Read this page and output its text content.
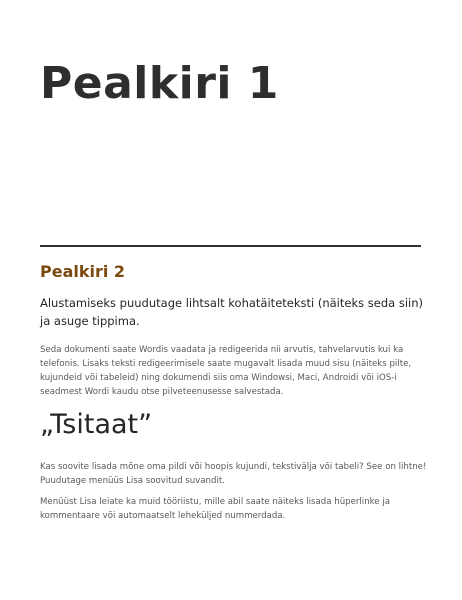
Pealkiri 1
Pealkiri 2

Alustamiseks puudutage lihtsalt kohatäiteteksti (näiteks seda siin) ja asuge tippima.

Seda dokumenti saate Wordis vaadata ja redigeerida nii arvutis, tahvelarvutis kui ka telefonis. Lisaks teksti redigeerimisele saate mugavalt lisada muud sisu (näiteks pilte, kujundeid või tabeleid) ning dokumendi siis oma Windowsi, Maci, Androidi või iOS-i seadmest Wordi kaudu otse pilveteenusesse salvestada.

„Tsitaat”

Kas soovite lisada mõne oma pildi või hoopis kujundi, tekstivälja või tabeli? See on lihtne! Puudutage menüüs Lisa soovitud suvandit.

Menüüst Lisa leiate ka muid tööriistu, mille abil saate näiteks lisada hüperlinke ja kommentaare või automaatselt leheküljed nummerdada.
